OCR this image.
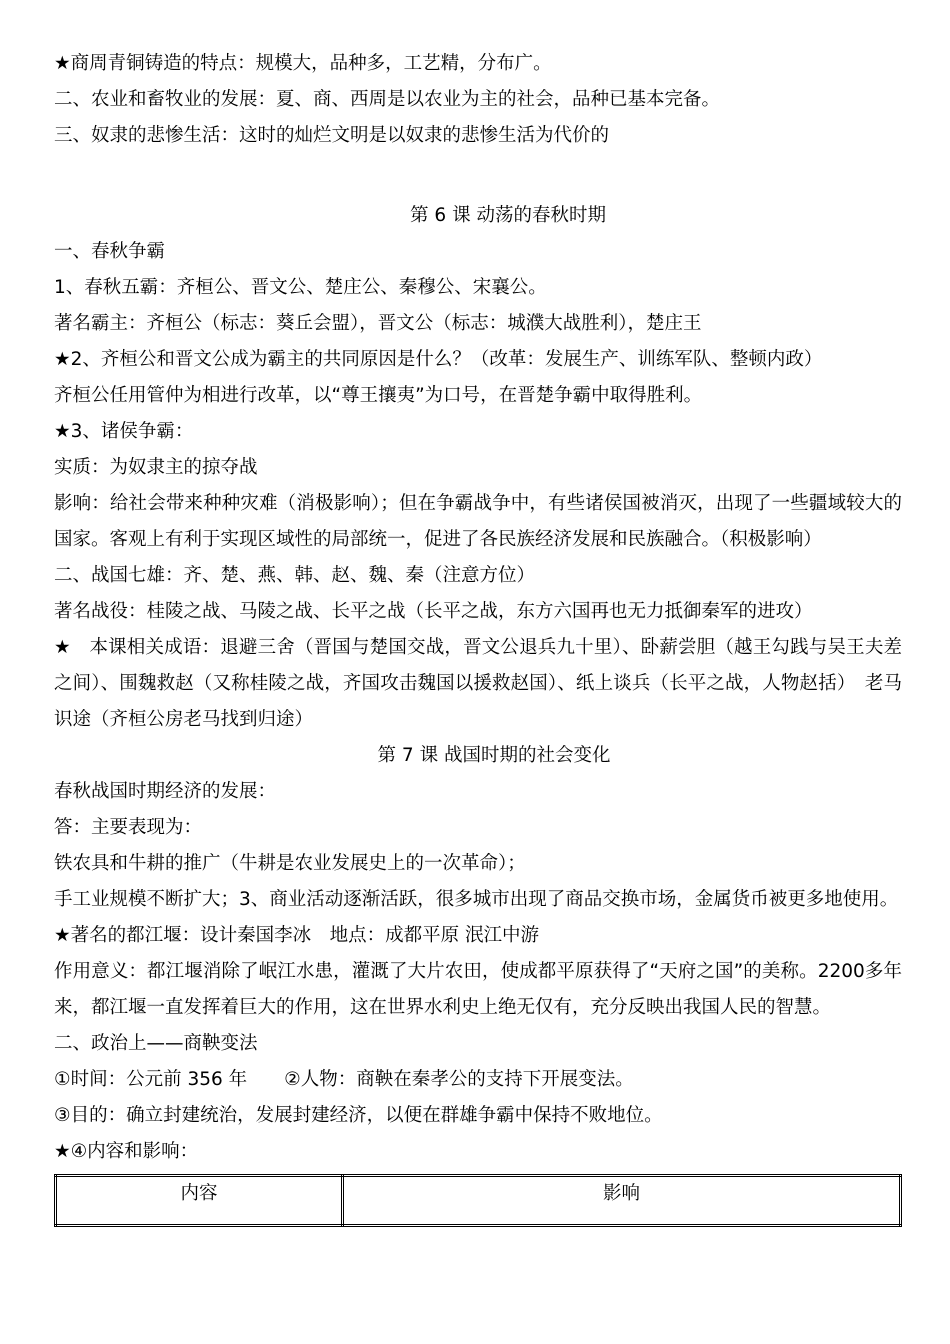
★商周青铜铸造的特点：规模大，品种多，工艺精，分布广。
二、农业和畜牧业的发展：夏、商、西周是以农业为主的社会，品种已基本完备。
三、奴隶的悲惨生活：这时的灿烂文明是以奴隶的悲惨生活为代价的
第 6 课 动荡的春秋时期
一、春秋争霸
1、春秋五霸：齐桓公、晋文公、楚庄公、秦穆公、宋襄公。
著名霸主：齐桓公（标志：葵丘会盟），晋文公（标志：城濮大战胜利），楚庄王
★2、齐桓公和晋文公成为霸主的共同原因是什么？（改革：发展生产、训练军队、整顿内政）
齐桓公任用管仲为相进行改革，以“尊王攘夷”为口号，在晋楚争霸中取得胜利。
★3、诸侯争霸：
实质：为奴隶主的掠夺战
影响：给社会带来种种灾难（消极影响）；但在争霸战争中，有些诸侯国被消灭，出现了一些疆域较大的国家。客观上有利于实现区域性的局部统一，促进了各民族经济发展和民族融合。（积极影响）
二、战国七雄：齐、楚、燕、韩、赵、魏、秦（注意方位）
著名战役：桂陵之战、马陵之战、长平之战（长平之战，东方六国再也无力抵御秦军的进攻）
★　本课相关成语：退避三舍（晋国与楚国交战，晋文公退兵九十里）、卧薪尝胆（越王勾践与吴王夫差之间）、围魏救赵（又称桂陵之战，齐国攻击魏国以援救赵国）、纸上谈兵（长平之战，人物赵括）　老马识途（齐桓公房老马找到归途）
第 7 课 战国时期的社会变化
春秋战国时期经济的发展：
答：主要表现为：
铁农具和牛耕的推广（牛耕是农业发展史上的一次革命）；
手工业规模不断扩大；3、商业活动逐渐活跃，很多城市出现了商品交换市场，金属货币被更多地使用。
★著名的都江堰：设计秦国李冰　地点：成都平原 泯江中游
作用意义：都江堰消除了岷江水患，灌溉了大片农田，使成都平原获得了“天府之国”的美称。2200多年来，都江堰一直发挥着巨大的作用，这在世界水利史上绝无仅有，充分反映出我国人民的智慧。
二、政治上——商鞅变法
①时间：公元前 356 年　　②人物：商鞅在秦孝公的支持下开展变法。
③目的：确立封建统治，发展封建经济，以便在群雄争霸中保持不败地位。
★④内容和影响：
内容	影响
